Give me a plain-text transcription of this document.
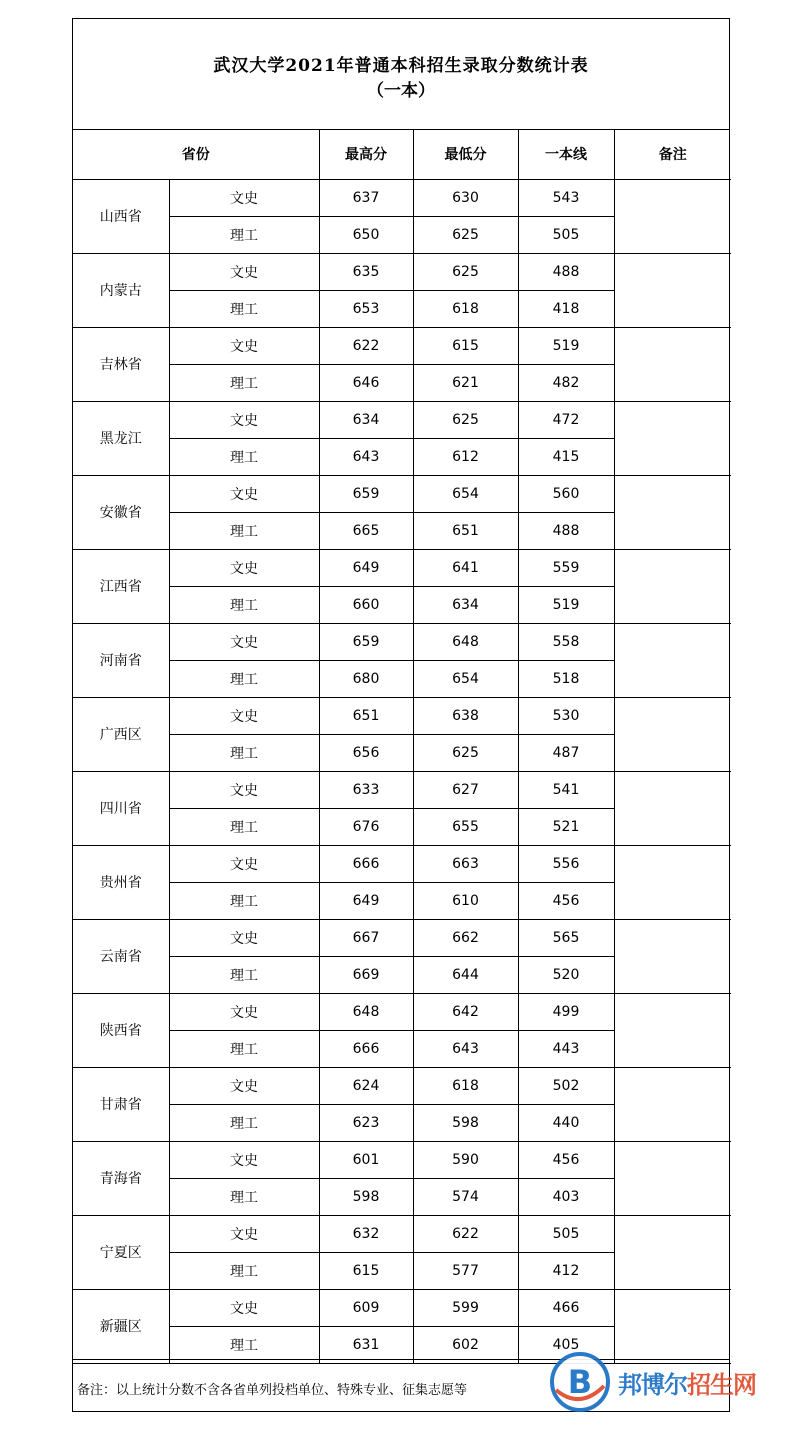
武汉大学2021年普通本科招生录取分数统计表
（一本）
省份		最高分	最低分	一本线	备注
山西省	文史	637	630	543	
	理工	650	625	505	
内蒙古	文史	635	625	488	
	理工	653	618	418	
吉林省	文史	622	615	519	
	理工	646	621	482	
黑龙江	文史	634	625	472	
	理工	643	612	415	
安徽省	文史	659	654	560	
	理工	665	651	488	
江西省	文史	649	641	559	
	理工	660	634	519	
河南省	文史	659	648	558	
	理工	680	654	518	
广西区	文史	651	638	530	
	理工	656	625	487	
四川省	文史	633	627	541	
	理工	676	655	521	
贵州省	文史	666	663	556	
	理工	649	610	456	
云南省	文史	667	662	565	
	理工	669	644	520	
陕西省	文史	648	642	499	
	理工	666	643	443	
甘肃省	文史	624	618	502	
	理工	623	598	440	
青海省	文史	601	590	456	
	理工	598	574	403	
宁夏区	文史	632	622	505	
	理工	615	577	412	
新疆区	文史	609	599	466	
	理工	631	602	405	
备注：以上统计分数不含各省单列投档单位、特殊专业、征集志愿等	B 邦博尔招生网
